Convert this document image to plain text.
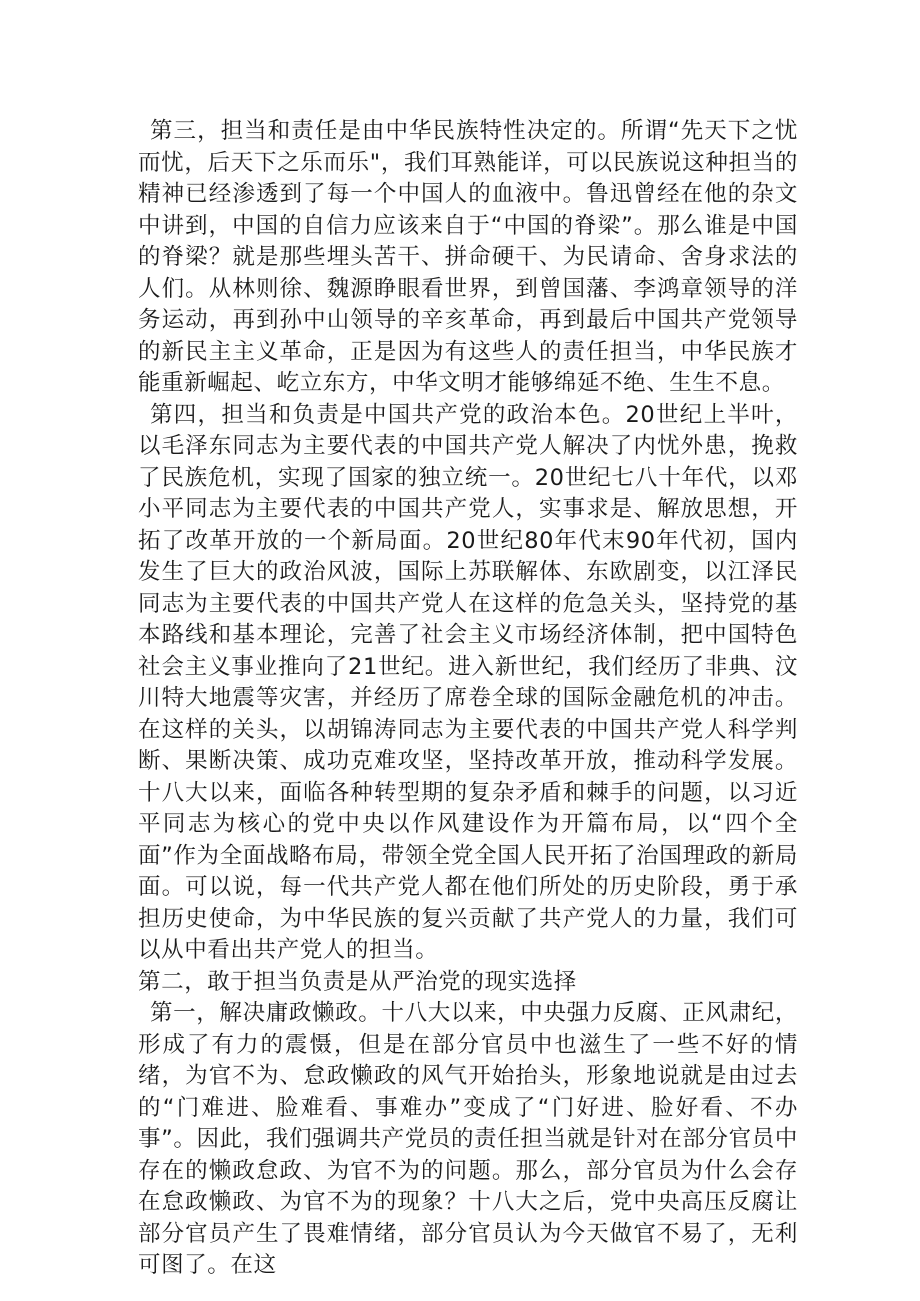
第三，担当和责任是由中华民族特性决定的。所谓“先天下之忧而忧，后天下之乐而乐"，我们耳熟能详，可以民族说这种担当的精神已经渗透到了每一个中国人的血液中。鲁迅曾经在他的杂文中讲到，中国的自信力应该来自于“中国的脊梁”。那么谁是中国的脊梁？就是那些埋头苦干、拼命硬干、为民请命、舍身求法的人们。从林则徐、魏源睁眼看世界，到曾国藩、李鸿章领导的洋务运动，再到孙中山领导的辛亥革命，再到最后中国共产党领导的新民主主义革命，正是因为有这些人的责任担当，中华民族才能重新崛起、屹立东方，中华文明才能够绵延不绝、生生不息。

第四，担当和负责是中国共产党的政治本色。20世纪上半叶，以毛泽东同志为主要代表的中国共产党人解决了内忧外患，挽救了民族危机，实现了国家的独立统一。20世纪七八十年代，以邓小平同志为主要代表的中国共产党人，实事求是、解放思想，开拓了改革开放的一个新局面。20世纪80年代末90年代初，国内发生了巨大的政治风波，国际上苏联解体、东欧剧变，以江泽民同志为主要代表的中国共产党人在这样的危急关头，坚持党的基本路线和基本理论，完善了社会主义市场经济体制，把中国特色社会主义事业推向了21世纪。进入新世纪，我们经历了非典、汶川特大地震等灾害，并经历了席卷全球的国际金融危机的冲击。在这样的关头，以胡锦涛同志为主要代表的中国共产党人科学判断、果断决策、成功克难攻坚，坚持改革开放，推动科学发展。十八大以来，面临各种转型期的复杂矛盾和棘手的问题，以习近平同志为核心的党中央以作风建设作为开篇布局，以“四个全面”作为全面战略布局，带领全党全国人民开拓了治国理政的新局面。可以说，每一代共产党人都在他们所处的历史阶段，勇于承担历史使命，为中华民族的复兴贡献了共产党人的力量，我们可以从中看出共产党人的担当。

第二，敢于担当负责是从严治党的现实选择

第一，解决庸政懒政。十八大以来，中央强力反腐、正风肃纪，形成了有力的震慑，但是在部分官员中也滋生了一些不好的情绪，为官不为、怠政懒政的风气开始抬头，形象地说就是由过去的“门难进、脸难看、事难办”变成了“门好进、脸好看、不办事”。因此，我们强调共产党员的责任担当就是针对在部分官员中存在的懒政怠政、为官不为的问题。那么，部分官员为什么会存在怠政懒政、为官不为的现象？十八大之后，党中央高压反腐让部分官员产生了畏难情绪，部分官员认为今天做官不易了，无利可图了。在这
